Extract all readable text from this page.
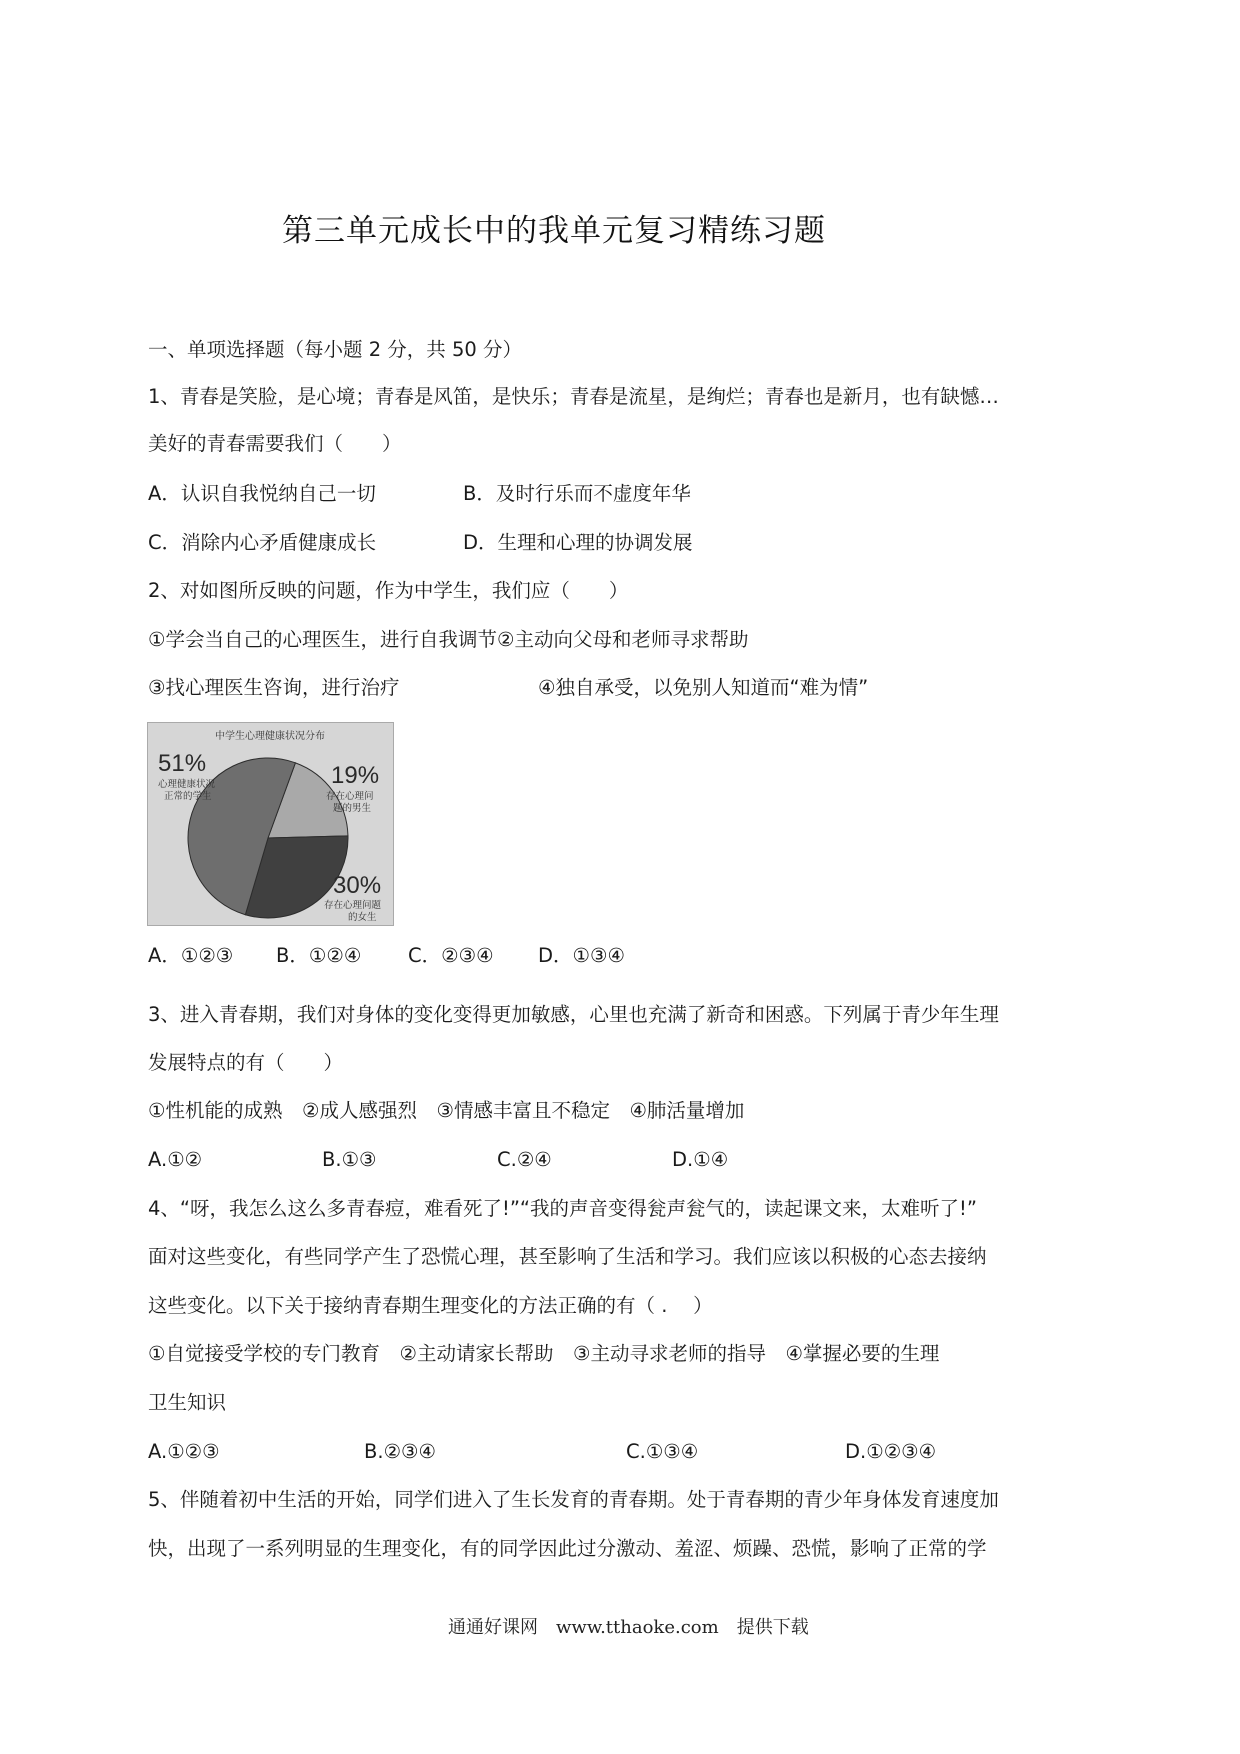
第三单元成长中的我单元复习精练习题
一、单项选择题（每小题 2 分，共 50 分）
1、青春是笑脸，是心境；青春是风笛，是快乐；青春是流星，是绚烂；青春也是新月，也有缺憾…
美好的青春需要我们（　　）
A．认识自我悦纳自己一切	B．及时行乐而不虚度年华
C．消除内心矛盾健康成长	D．生理和心理的协调发展
2、对如图所反映的问题，作为中学生，我们应（　　）
①学会当自己的心理医生，进行自我调节②主动向父母和老师寻求帮助
③找心理医生咨询，进行治疗	④独自承受，以免别人知道而“难为情”
中学生心理健康状况分布
51%
心理健康状况
正常的学生
19%
存在心理问
题的男生
30%
存在心理问题
的女生
A．①②③ B．①②④ C．②③④ D．①③④
3、进入青春期，我们对身体的变化变得更加敏感，心里也充满了新奇和困惑。下列属于青少年生理
发展特点的有（　　）
①性机能的成熟　②成人感强烈　③情感丰富且不稳定　④肺活量增加
A.①②	B.①③	C.②④	D.①④
4、“呀，我怎么这么多青春痘，难看死了!”“我的声音变得瓮声瓮气的，读起课文来，太难听了!”
面对这些变化，有些同学产生了恐慌心理，甚至影响了生活和学习。我们应该以积极的心态去接纳
这些变化。以下关于接纳青春期生理变化的方法正确的有（ .　 ）
①自觉接受学校的专门教育　②主动请家长帮助　③主动寻求老师的指导　④掌握必要的生理
卫生知识
A.①②③	B.②③④	C.①③④	D.①②③④
5、伴随着初中生活的开始，同学们进入了生长发育的青春期。处于青春期的青少年身体发育速度加
快，出现了一系列明显的生理变化，有的同学因此过分激动、羞涩、烦躁、恐慌，影响了正常的学
通通好课网　www.tthaoke.com　提供下载
